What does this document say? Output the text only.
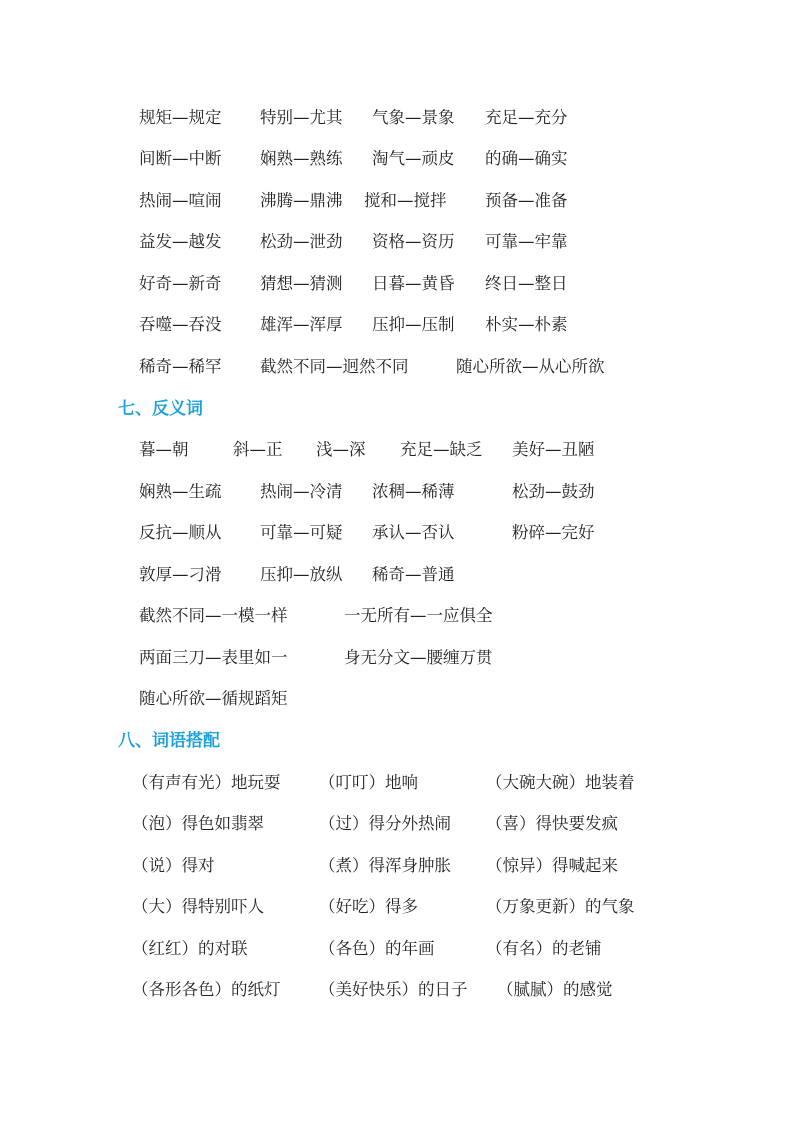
规矩—规定 特别—尤其 气象—景象 充足—充分
间断—中断 娴熟—熟练 淘气—顽皮 的确—确实
热闹—喧闹 沸腾—鼎沸 搅和—搅拌 预备—准备
益发—越发 松劲—泄劲 资格—资历 可靠—牢靠
好奇—新奇 猜想—猜测 日暮—黄昏 终日—整日
吞噬—吞没 雄浑—浑厚 压抑—压制 朴实—朴素
稀奇—稀罕 截然不同—迥然不同	随心所欲—从心所欲
七、反义词
暮—朝	斜—正 浅—深 充足—缺乏 美好—丑陋
娴熟—生疏 热闹—冷清 浓稠—稀薄	松劲—鼓劲
反抗—顺从 可靠—可疑 承认—否认	粉碎—完好
敦厚—刁滑 压抑—放纵 稀奇—普通
截然不同—一模一样	一无所有—一应俱全
两面三刀—表里如一	身无分文—腰缠万贯
随心所欲—循规蹈矩
八、词语搭配
（有声有光）地玩耍 （叮叮）地响	（大碗大碗）地装着
（泡）得色如翡翠	（过）得分外热闹 （喜）得快要发疯
（说）得对	（煮）得浑身肿胀 （惊异）得喊起来
（大）得特别吓人	（好吃）得多	（万象更新）的气象
（红红）的对联	（各色）的年画	（有名）的老铺
（各形各色）的纸灯 （美好快乐）的日子 （腻腻）的感觉
